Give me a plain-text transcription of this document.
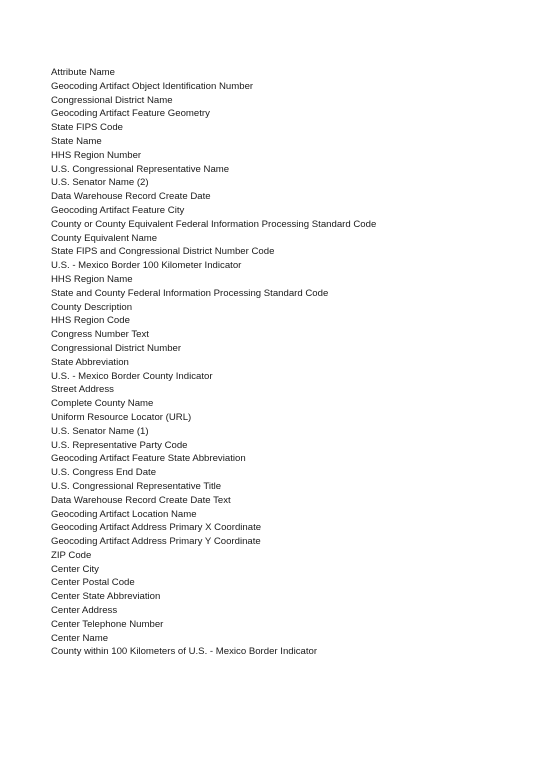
Attribute Name
Geocoding Artifact Object Identification Number
Congressional District Name
Geocoding Artifact Feature Geometry
State FIPS Code
State Name
HHS Region Number
U.S. Congressional Representative Name
U.S. Senator Name (2)
Data Warehouse Record Create Date
Geocoding Artifact Feature City
County or County Equivalent Federal Information Processing Standard Code
County Equivalent Name
State FIPS and Congressional District Number Code
U.S. - Mexico Border 100 Kilometer Indicator
HHS Region Name
State and County Federal Information Processing Standard Code
County Description
HHS Region Code
Congress Number Text
Congressional District Number
State Abbreviation
U.S. - Mexico Border County Indicator
Street Address
Complete County Name
Uniform Resource Locator (URL)
U.S. Senator Name (1)
U.S. Representative Party Code
Geocoding Artifact Feature State Abbreviation
U.S. Congress End Date
U.S. Congressional Representative Title
Data Warehouse Record Create Date Text
Geocoding Artifact Location Name
Geocoding Artifact Address Primary X Coordinate
Geocoding Artifact Address Primary Y Coordinate
ZIP Code
Center City
Center Postal Code
Center State Abbreviation
Center Address
Center Telephone Number
Center Name
County within 100 Kilometers of U.S. - Mexico Border Indicator
